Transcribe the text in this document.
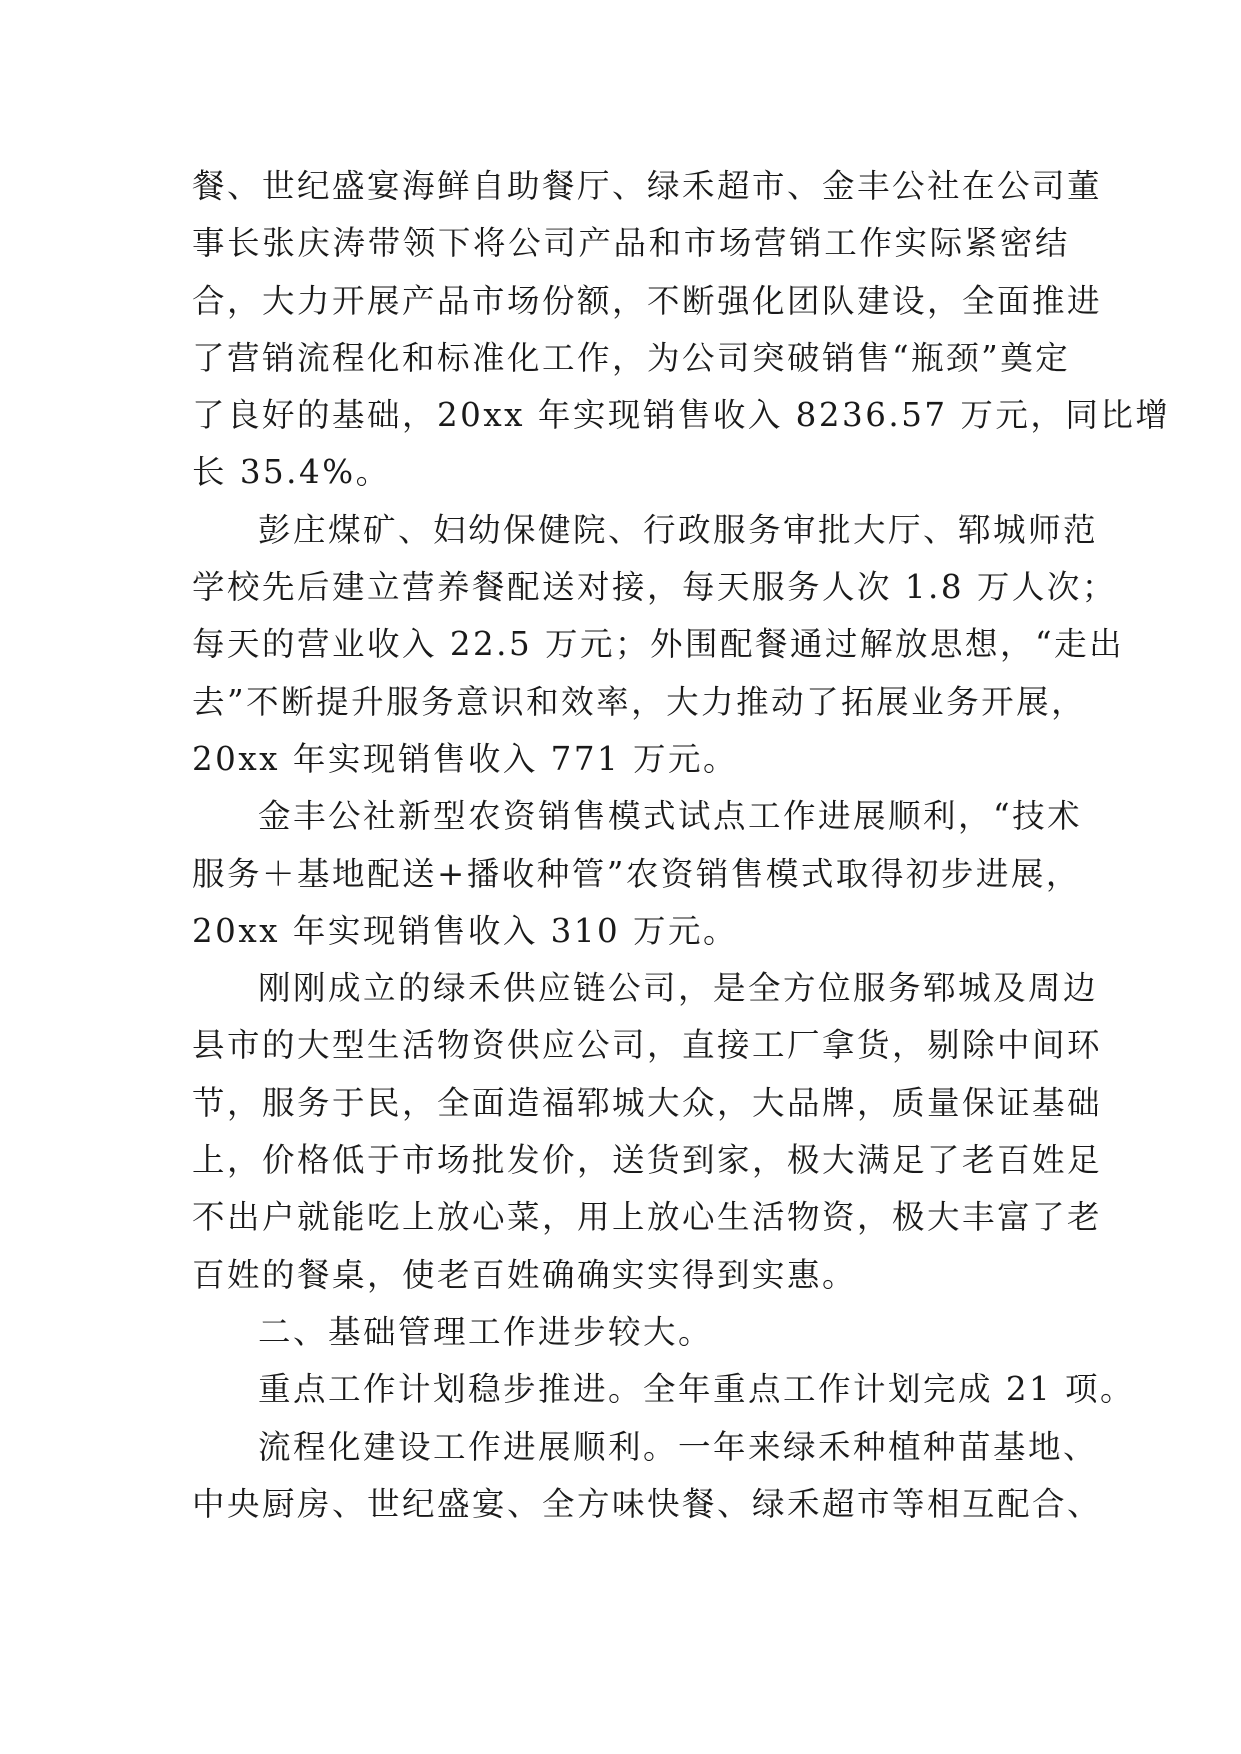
餐、世纪盛宴海鲜自助餐厅、绿禾超市、金丰公社在公司董
事长张庆涛带领下将公司产品和市场营销工作实际紧密结
合，大力开展产品市场份额，不断强化团队建设，全面推进
了营销流程化和标准化工作，为公司突破销售“瓶颈”奠定
了良好的基础，20xx 年实现销售收入 8236.57 万元，同比增
长 35.4%。
彭庄煤矿、妇幼保健院、行政服务审批大厅、郓城师范
学校先后建立营养餐配送对接，每天服务人次 1.8 万人次；
每天的营业收入 22.5 万元；外围配餐通过解放思想，“走出
去”不断提升服务意识和效率，大力推动了拓展业务开展，
20xx 年实现销售收入 771 万元。
金丰公社新型农资销售模式试点工作进展顺利，“技术
服务＋基地配送+播收种管”农资销售模式取得初步进展，
20xx 年实现销售收入 310 万元。
刚刚成立的绿禾供应链公司，是全方位服务郓城及周边
县市的大型生活物资供应公司，直接工厂拿货，剔除中间环
节，服务于民，全面造福郓城大众，大品牌，质量保证基础
上，价格低于市场批发价，送货到家，极大满足了老百姓足
不出户就能吃上放心菜，用上放心生活物资，极大丰富了老
百姓的餐桌，使老百姓确确实实得到实惠。
二、基础管理工作进步较大。
重点工作计划稳步推进。全年重点工作计划完成 21 项。
流程化建设工作进展顺利。一年来绿禾种植种苗基地、
中央厨房、世纪盛宴、全方味快餐、绿禾超市等相互配合、
